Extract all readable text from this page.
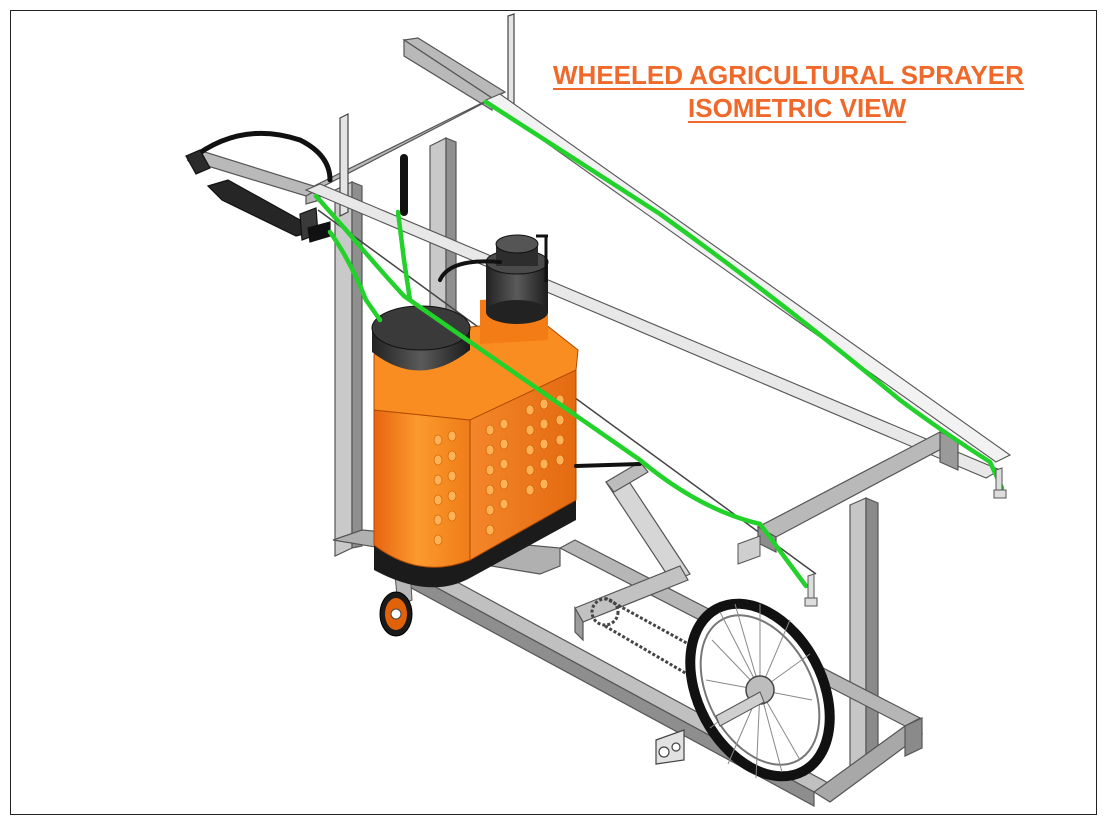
WHEELED AGRICULTURAL SPRAYER
ISOMETRIC VIEW
